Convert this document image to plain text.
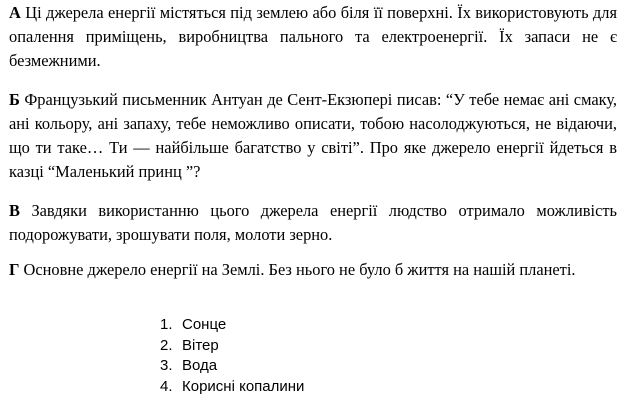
А Ці джерела енергії містяться під землею або біля її поверхні. Їх використовують для опалення приміщень, виробництва пального та електроенергії. Їх запаси не є безмежними.

Б Французький письменник Антуан де Сент-Екзюпері писав: “У тебе немає ані смаку, ані кольору, ані запаху, тебе неможливо описати, тобою насолоджуються, не відаючи, що ти таке… Ти — найбільше багатство у світі”. Про яке джерело енергії йдеться в казці “Маленький принц ”?

В Завдяки використанню цього джерела енергії людство отримало можливість подорожувати, зрошувати поля, молоти зерно.

Г Основне джерело енергії на Землі. Без нього не було б життя на нашій планеті.

1. Сонце
2. Вітер
3. Вода
4. Корисні копалини
